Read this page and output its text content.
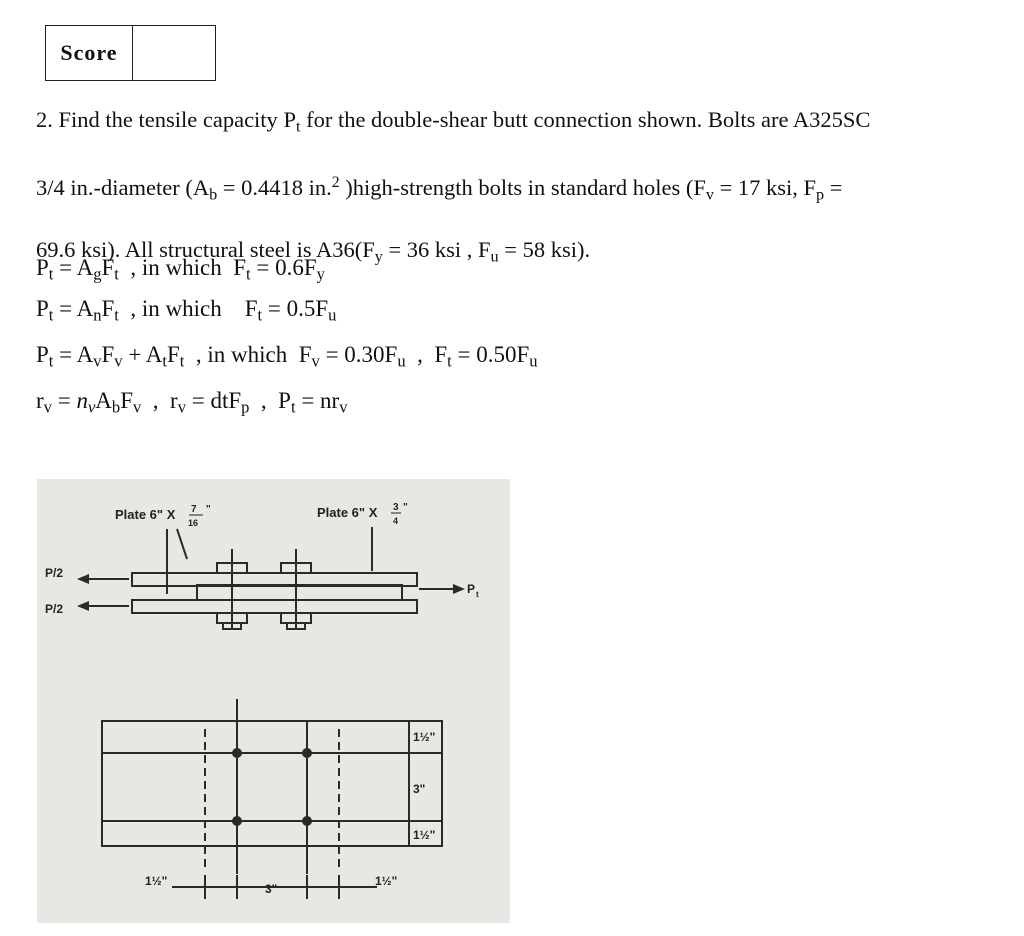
Score

2. Find the tensile capacity $P_t$ for the double-shear butt connection shown. Bolts are A325SC

3/4 in.-diameter ($A_b = 0.4418$ in.$^2$ )high-strength bolts in standard holes ($F_v = 17$ ksi, $F_p$ =

69.6 ksi). All structural steel is $A36(F_y = 36$ ksi , $F_u = 58$ ksi).

$P_t = A_gF_t$  , in which  $F_t = 0.6F_y$
$P_t = A_nF_t$  , in which    $F_t = 0.5F_u$
$P_t = A_vF_v + A_tF_t$  , in which  $F_v = 0.30F_u$  ,  $F_t = 0.50F_u$
$r_v = n_vA_bF_v$  ,  $r_v = dtF_p$  ,  $P_t = nr_v$
Plate 6" X 7
16
"	Plate 6" X 3
4
"
P/2
P/2
P t
1½"
3"
1½"
1½"
3"
1½"
